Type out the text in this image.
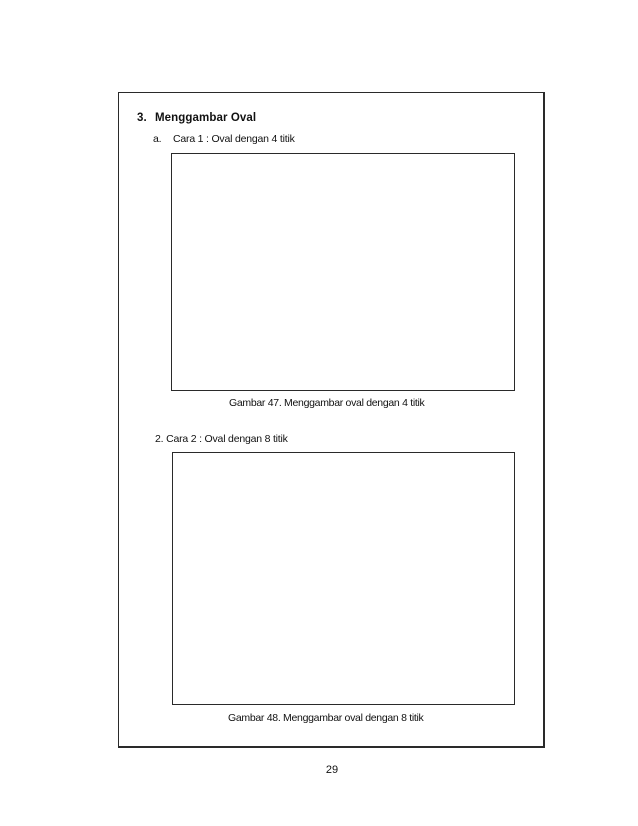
3. Menggambar Oval
a. Cara 1 : Oval dengan 4 titik
Gambar 47. Menggambar oval dengan 4 titik
2. Cara 2 : Oval dengan 8 titik
Gambar 48. Menggambar oval dengan 8 titik
29
